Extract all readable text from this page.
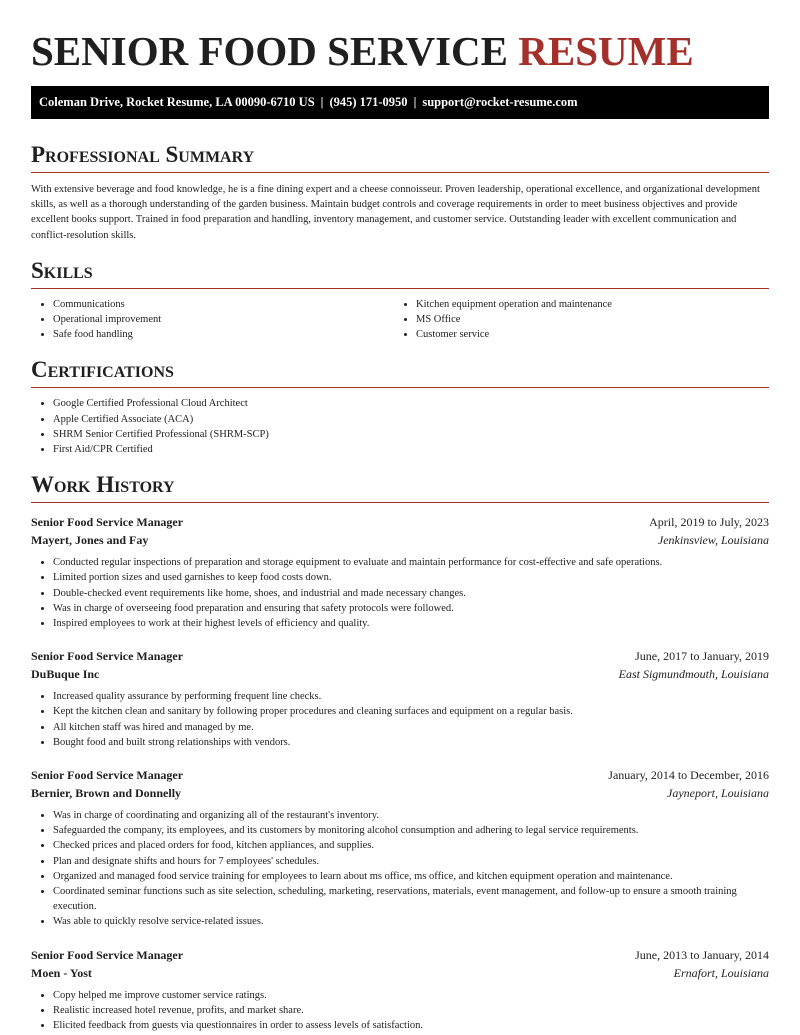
SENIOR FOOD SERVICE RESUME
Coleman Drive, Rocket Resume, LA 00090-6710 US | (945) 171-0950 | support@rocket-resume.com
Professional Summary

With extensive beverage and food knowledge, he is a fine dining expert and a cheese connoisseur. Proven leadership, operational excellence, and organizational development skills, as well as a thorough understanding of the garden business. Maintain budget controls and coverage requirements in order to meet business objectives and provide excellent books support. Trained in food preparation and handling, inventory management, and customer service. Outstanding leader with excellent communication and conflict-resolution skills.

Skills
• Communications
• Operational improvement
• Safe food handling
• Kitchen equipment operation and maintenance
• MS Office
• Customer service
Certifications
• Google Certified Professional Cloud Architect
• Apple Certified Associate (ACA)
• SHRM Senior Certified Professional (SHRM-SCP)
• First Aid/CPR Certified
Work History
Senior Food Service Manager	April, 2019 to July, 2023
Mayert, Jones and Fay	Jenkinsview, Louisiana
• Conducted regular inspections of preparation and storage equipment to evaluate and maintain performance for cost-effective and safe operations.
• Limited portion sizes and used garnishes to keep food costs down.
• Double-checked event requirements like home, shoes, and industrial and made necessary changes.
• Was in charge of overseeing food preparation and ensuring that safety protocols were followed.
• Inspired employees to work at their highest levels of efficiency and quality.
Senior Food Service Manager	June, 2017 to January, 2019
DuBuque Inc	East Sigmundmouth, Louisiana
• Increased quality assurance by performing frequent line checks.
• Kept the kitchen clean and sanitary by following proper procedures and cleaning surfaces and equipment on a regular basis.
• All kitchen staff was hired and managed by me.
• Bought food and built strong relationships with vendors.
Senior Food Service Manager	January, 2014 to December, 2016
Bernier, Brown and Donnelly	Jayneport, Louisiana
• Was in charge of coordinating and organizing all of the restaurant's inventory.
• Safeguarded the company, its employees, and its customers by monitoring alcohol consumption and adhering to legal service requirements.
• Checked prices and placed orders for food, kitchen appliances, and supplies.
• Plan and designate shifts and hours for 7 employees' schedules.
• Organized and managed food service training for employees to learn about ms office, ms office, and kitchen equipment operation and maintenance.
• Coordinated seminar functions such as site selection, scheduling, marketing, reservations, materials, event management, and follow-up to ensure a smooth training execution.
• Was able to quickly resolve service-related issues.
Senior Food Service Manager	June, 2013 to January, 2014
Moen - Yost	Ernafort, Louisiana
• Copy helped me improve customer service ratings.
• Realistic increased hotel revenue, profits, and market share.
• Elicited feedback from guests via questionnaires in order to assess levels of satisfaction.
